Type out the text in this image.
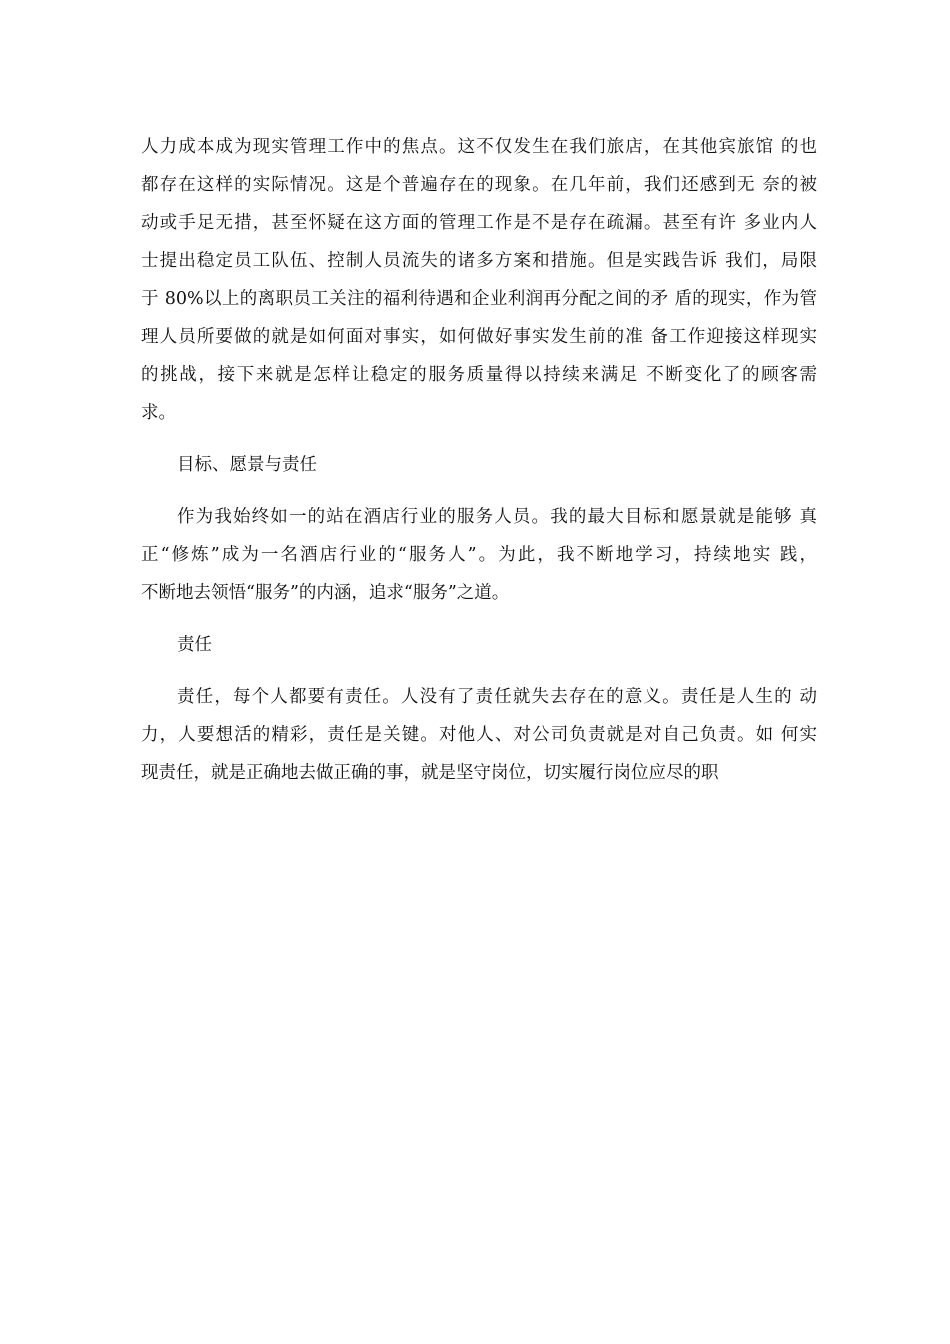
人力成本成为现实管理工作中的焦点。这不仅发生在我们旅店，在其他宾旅馆 的也
都存在这样的实际情况。这是个普遍存在的现象。在几年前，我们还感到无 奈的被
动或手足无措，甚至怀疑在这方面的管理工作是不是存在疏漏。甚至有许 多业内人
士提出稳定员工队伍、控制人员流失的诸多方案和措施。但是实践告诉 我们，局限
于 80%以上的离职员工关注的福利待遇和企业利润再分配之间的矛 盾的现实，作为管
理人员所要做的就是如何面对事实，如何做好事实发生前的准 备工作迎接这样现实
的挑战，接下来就是怎样让稳定的服务质量得以持续来满足 不断变化了的顾客需
求。
目标、愿景与责任
作为我始终如一的站在酒店行业的服务人员。我的最大目标和愿景就是能够 真
正“修炼”成为一名酒店行业的“服务人”。为此，我不断地学习，持续地实 践，
不断地去领悟“服务”的内涵，追求“服务”之道。
责任
责任，每个人都要有责任。人没有了责任就失去存在的意义。责任是人生的 动
力，人要想活的精彩，责任是关键。对他人、对公司负责就是对自己负责。如 何实
现责任，就是正确地去做正确的事，就是坚守岗位，切实履行岗位应尽的职
